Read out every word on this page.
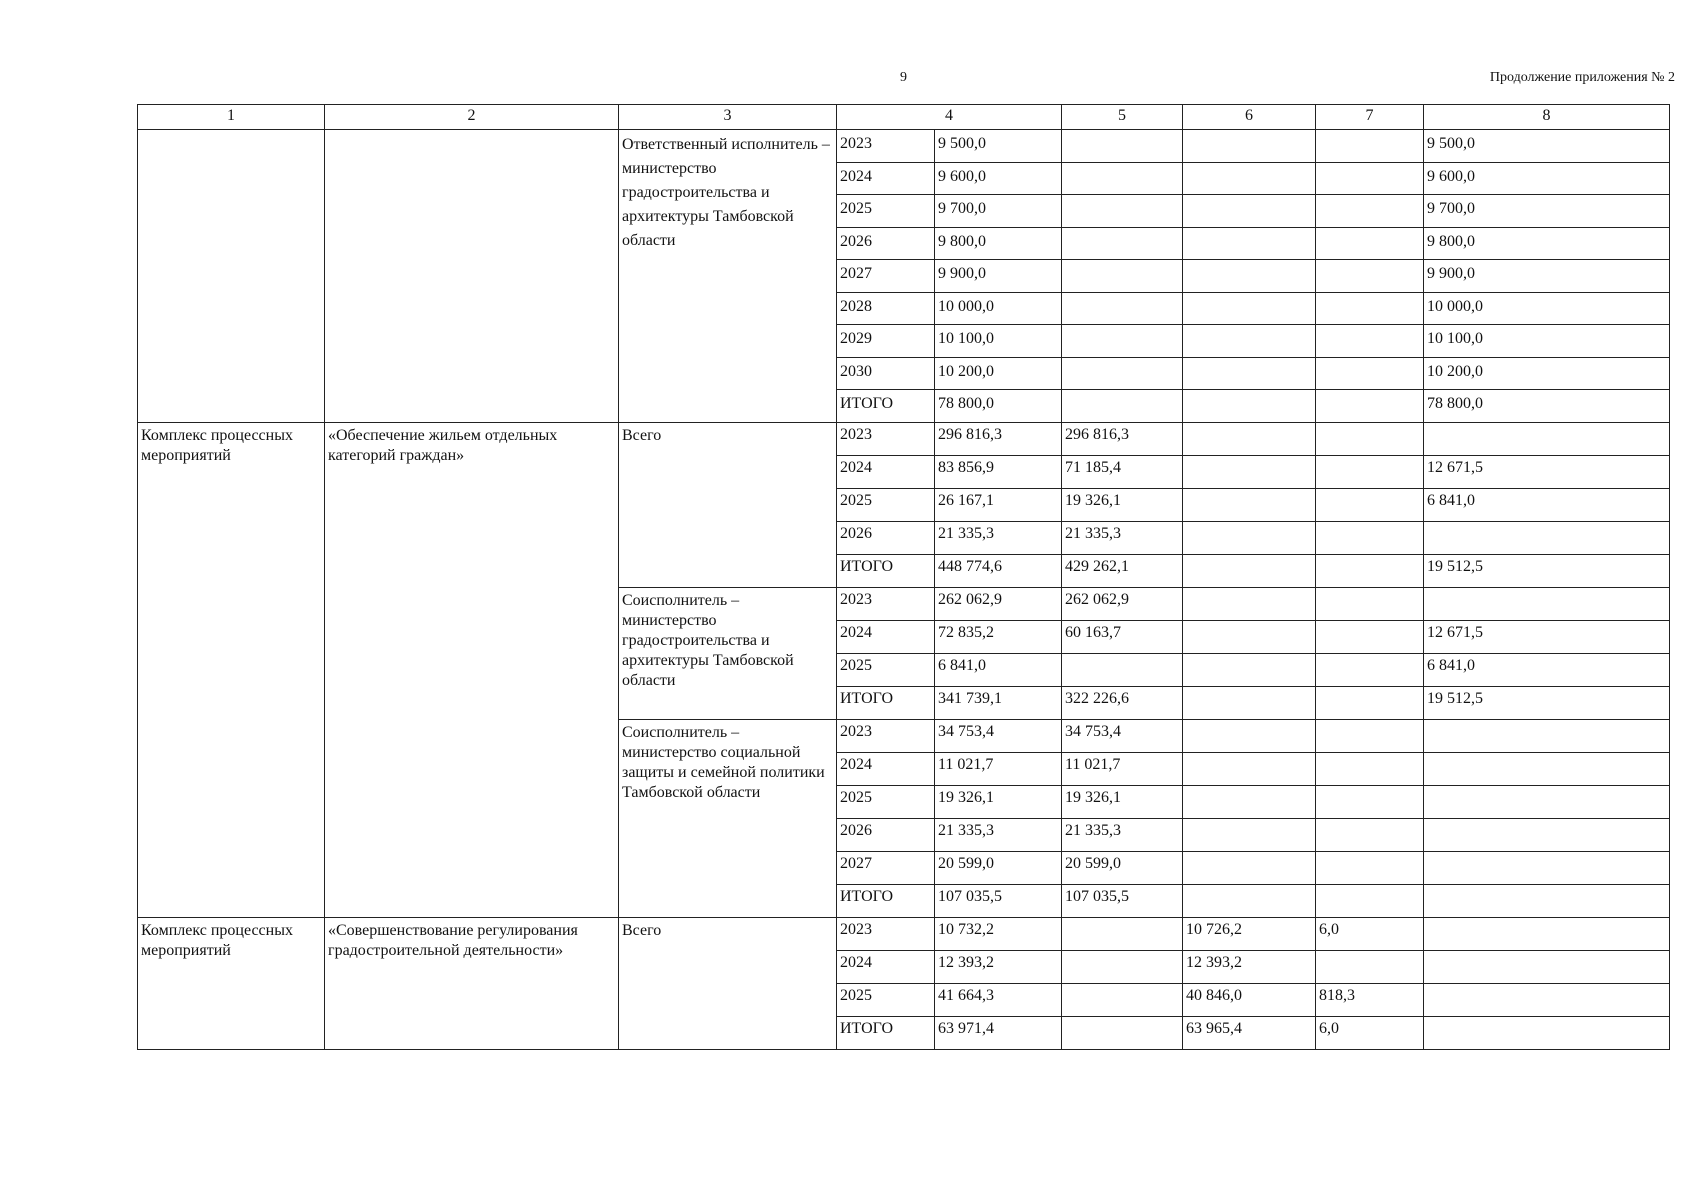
9	Продолжение приложения № 2
1	2	3	4		5	6	7	8
		Ответственный исполнитель – министерство градостроительства и архитектуры Тамбовской области	2023	9 500,0				9 500,0
			2024	9 600,0				9 600,0
			2025	9 700,0				9 700,0
			2026	9 800,0				9 800,0
			2027	9 900,0				9 900,0
			2028	10 000,0				10 000,0
			2029	10 100,0				10 100,0
			2030	10 200,0				10 200,0
			ИТОГО	78 800,0				78 800,0
Комплекс процессных мероприятий	«Обеспечение жильем отдельных категорий граждан»	Всего	2023	296 816,3	296 816,3			
			2024	83 856,9	71 185,4			12 671,5
			2025	26 167,1	19 326,1			6 841,0
			2026	21 335,3	21 335,3			
			ИТОГО	448 774,6	429 262,1			19 512,5
		Соисполнитель – министерство градостроительства и архитектуры Тамбовской области	2023	262 062,9	262 062,9			
			2024	72 835,2	60 163,7			12 671,5
			2025	6 841,0				6 841,0
			ИТОГО	341 739,1	322 226,6			19 512,5
		Соисполнитель – министерство социальной защиты и семейной политики Тамбовской области	2023	34 753,4	34 753,4			
			2024	11 021,7	11 021,7			
			2025	19 326,1	19 326,1			
			2026	21 335,3	21 335,3			
			2027	20 599,0	20 599,0			
			ИТОГО	107 035,5	107 035,5			
Комплекс процессных мероприятий	«Совершенствование регулирования градостроительной деятельности»	Всего	2023	10 732,2		10 726,2	6,0	
			2024	12 393,2		12 393,2		
			2025	41 664,3		40 846,0	818,3	
			ИТОГО	63 971,4		63 965,4	6,0	
